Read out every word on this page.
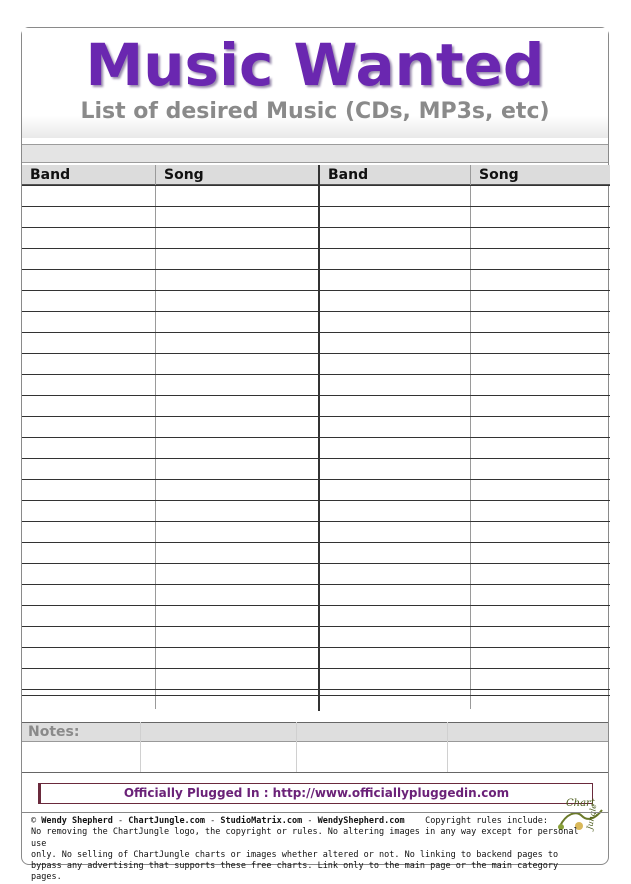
Music Wanted
List of desired Music (CDs, MP3s, etc)
Band	Song	Band	Song
Notes:
Officially Plugged In : http://www.officiallypluggedin.com
Chart
Jungle
© Wendy Shepherd - ChartJungle.com - StudioMatrix.com - WendyShepherd.com Copyright rules include:
No removing the ChartJungle logo, the copyright or rules. No altering images in any way except for personal use
only. No selling of ChartJungle charts or images whether altered or not. No linking to backend pages to
bypass any advertising that supports these free charts. Link only to the main page or the main category pages.
